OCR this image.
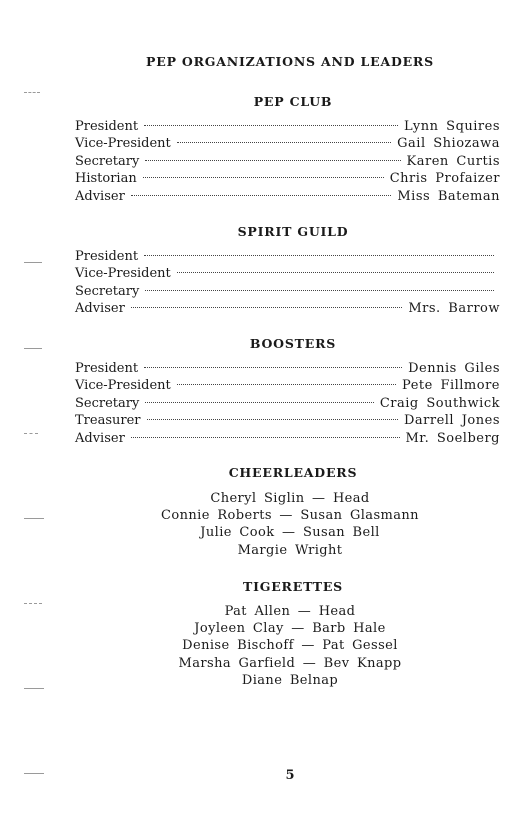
PEP ORGANIZATIONS AND LEADERS
PEP CLUB
President	Lynn Squires
Vice-President	Gail Shiozawa
Secretary	Karen Curtis
Historian	Chris Profaizer
Adviser	Miss Bateman
SPIRIT GUILD
President
Vice-President
Secretary
Adviser	Mrs. Barrow
BOOSTERS
President	Dennis Giles
Vice-President	Pete Fillmore
Secretary	Craig Southwick
Treasurer	Darrell Jones
Adviser	Mr. Soelberg
CHEERLEADERS
Cheryl Siglin — Head
Connie Roberts — Susan Glasmann
Julie Cook — Susan Bell
Margie Wright
TIGERETTES
Pat Allen — Head
Joyleen Clay — Barb Hale
Denise Bischoff — Pat Gessel
Marsha Garfield — Bev Knapp
Diane Belnap
5
